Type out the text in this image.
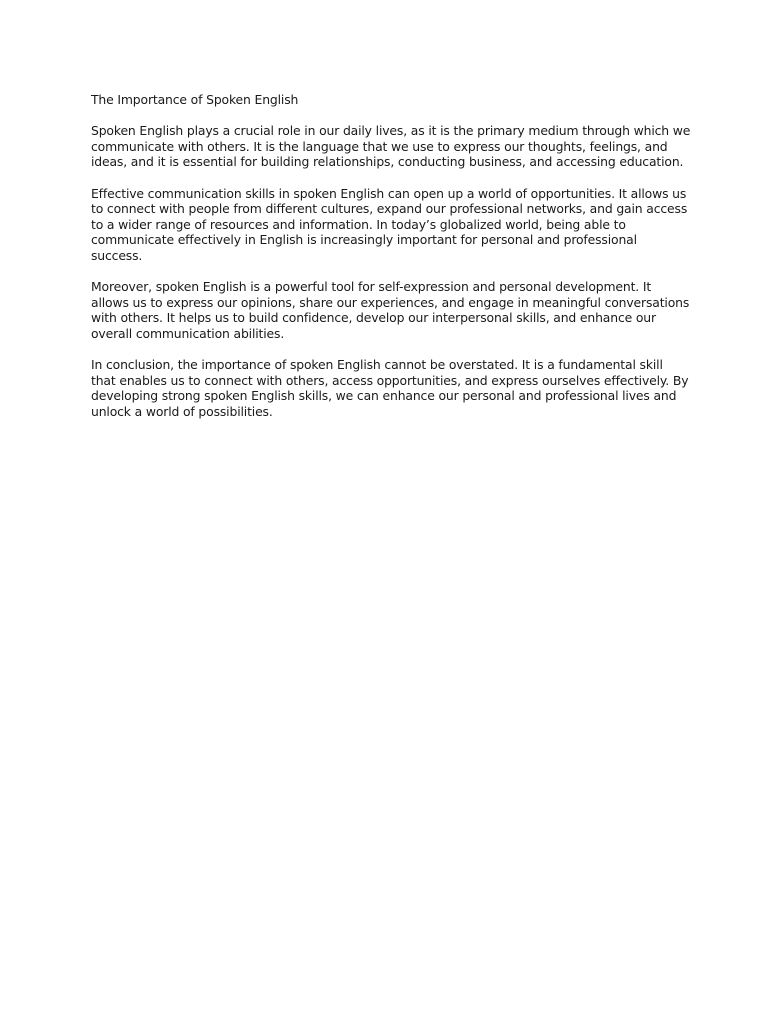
The Importance of Spoken English

Spoken English plays a crucial role in our daily lives, as it is the primary medium through which we communicate with others. It is the language that we use to express our thoughts, feelings, and ideas, and it is essential for building relationships, conducting business, and accessing education.

Effective communication skills in spoken English can open up a world of opportunities. It allows us to connect with people from different cultures, expand our professional networks, and gain access to a wider range of resources and information. In today’s globalized world, being able to communicate effectively in English is increasingly important for personal and professional success.

Moreover, spoken English is a powerful tool for self-expression and personal development. It allows us to express our opinions, share our experiences, and engage in meaningful conversations with others. It helps us to build confidence, develop our interpersonal skills, and enhance our overall communication abilities.

In conclusion, the importance of spoken English cannot be overstated. It is a fundamental skill that enables us to connect with others, access opportunities, and express ourselves effectively. By developing strong spoken English skills, we can enhance our personal and professional lives and unlock a world of possibilities.
